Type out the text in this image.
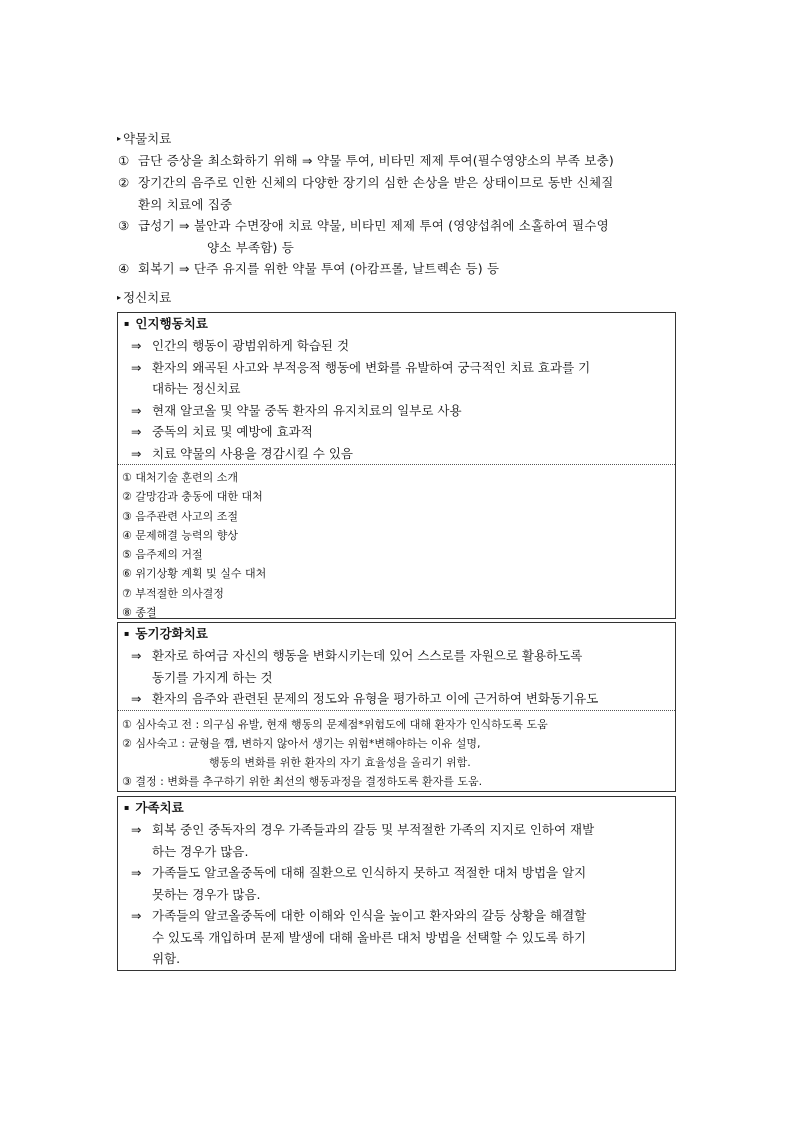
▸ 약물치료
① 금단 증상을 최소화하기 위해 ⇒ 약물 투여, 비타민 제제 투여(필수영양소의 부족 보충)
② 장기간의 음주로 인한 신체의 다양한 장기의 심한 손상을 받은 상태이므로 동반 신체질
환의 치료에 집중
③ 급성기 ⇒ 불안과 수면장애 치료 약물, 비타민 제제 투여 (영양섭취에 소홀하여 필수영
양소 부족함) 등
④ 회복기 ⇒ 단주 유지를 위한 약물 투여 (아캄프롤, 날트렉손 등) 등
▸ 정신치료
▪ 인지행동치료
⇒ 인간의 행동이 광범위하게 학습된 것
⇒ 환자의 왜곡된 사고와 부적응적 행동에 변화를 유발하여 궁극적인 치료 효과를 기
대하는 정신치료
⇒ 현재 알코올 및 약물 중독 환자의 유지치료의 일부로 사용
⇒ 중독의 치료 및 예방에 효과적
⇒ 치료 약물의 사용을 경감시킬 수 있음
① 대처기술 훈련의 소개
② 갈망감과 충동에 대한 대처
③ 음주관련 사고의 조절
④ 문제해결 능력의 향상
⑤ 음주제의 거절
⑥ 위기상황 계획 및 실수 대처
⑦ 부적절한 의사결정
⑧ 종결
▪ 동기강화치료
⇒ 환자로 하여금 자신의 행동을 변화시키는데 있어 스스로를 자원으로 활용하도록
동기를 가지게 하는 것
⇒ 환자의 음주와 관련된 문제의 정도와 유형을 평가하고 이에 근거하여 변화동기유도
① 심사숙고 전 : 의구심 유발, 현재 행동의 문제점*위험도에 대해 환자가 인식하도록 도움
② 심사숙고 : 균형을 깸, 변하지 않아서 생기는 위험*변해야하는 이유 설명,
행동의 변화를 위한 환자의 자기 효율성을 올리기 위함.
③ 결정 : 변화를 추구하기 위한 최선의 행동과정을 결정하도록 환자를 도움.
▪ 가족치료
⇒ 회복 중인 중독자의 경우 가족들과의 갈등 및 부적절한 가족의 지지로 인하여 재발
하는 경우가 많음.
⇒ 가족들도 알코올중독에 대해 질환으로 인식하지 못하고 적절한 대처 방법을 알지
못하는 경우가 많음.
⇒ 가족들의 알코올중독에 대한 이해와 인식을 높이고 환자와의 갈등 상황을 해결할
수 있도록 개입하며 문제 발생에 대해 올바른 대처 방법을 선택할 수 있도록 하기
위함.
